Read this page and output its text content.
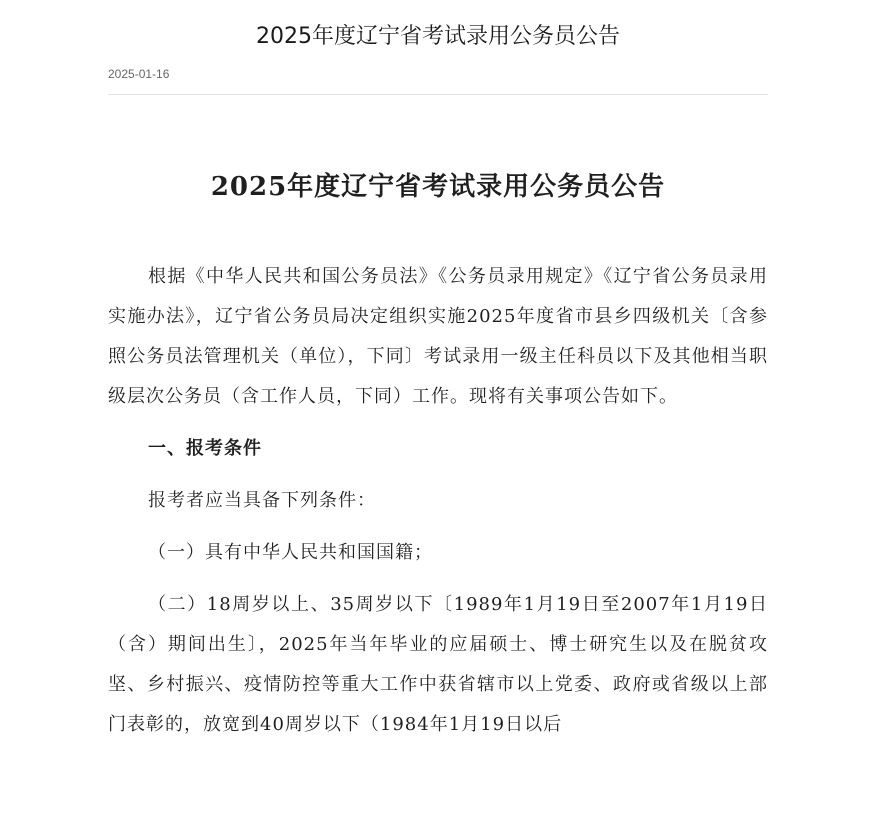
2025年度辽宁省考试录用公务员公告
2025-01-16
2025年度辽宁省考试录用公务员公告

根据《中华人民共和国公务员法》《公务员录用规定》《辽宁省公务员录用实施办法》，辽宁省公务员局决定组织实施2025年度省市县乡四级机关〔含参照公务员法管理机关（单位），下同〕考试录用一级主任科员以下及其他相当职级层次公务员（含工作人员，下同）工作。现将有关事项公告如下。

一、报考条件

报考者应当具备下列条件：

（一）具有中华人民共和国国籍；

（二）18周岁以上、35周岁以下〔1989年1月19日至2007年1月19日（含）期间出生〕，2025年当年毕业的应届硕士、博士研究生以及在脱贫攻坚、乡村振兴、疫情防控等重大工作中获省辖市以上党委、政府或省级以上部门表彰的，放宽到40周岁以下（1984年1月19日以后
